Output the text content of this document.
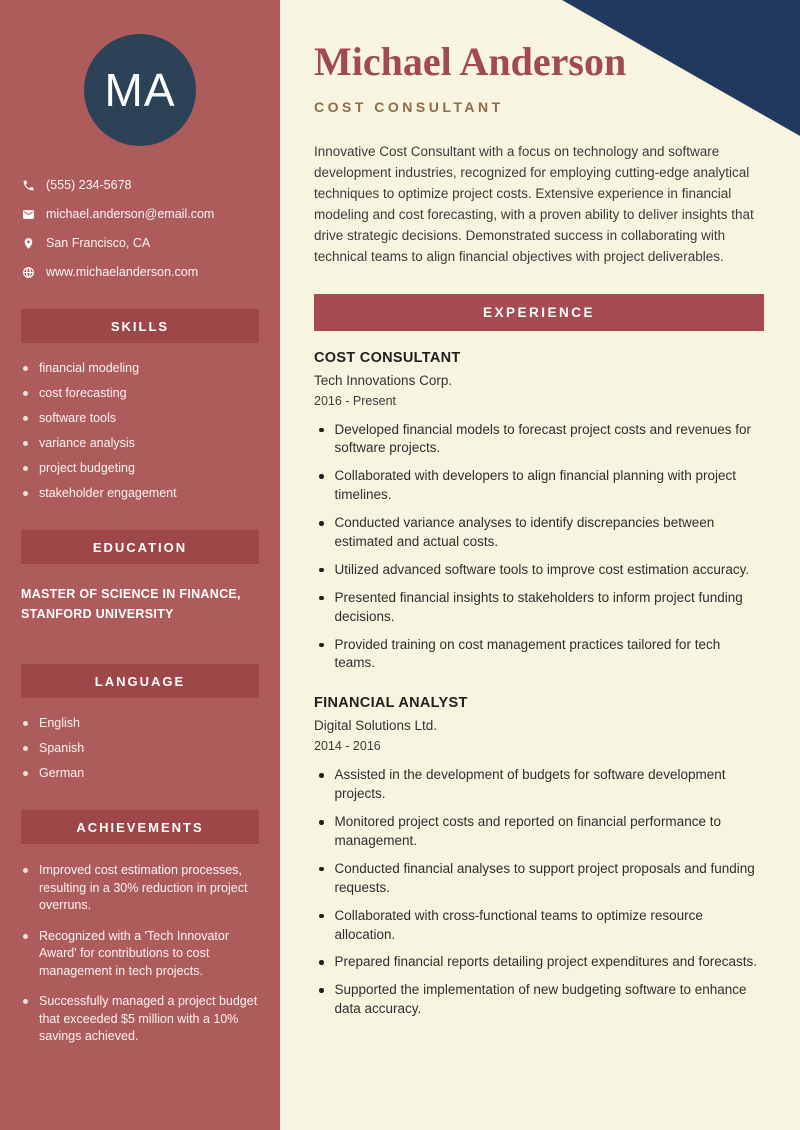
MA
(555) 234-5678
michael.anderson@email.com
San Francisco, CA
www.michaelanderson.com
SKILLS
financial modeling
cost forecasting
software tools
variance analysis
project budgeting
stakeholder engagement
EDUCATION

MASTER OF SCIENCE IN FINANCE, STANFORD UNIVERSITY

LANGUAGE
English
Spanish
German
ACHIEVEMENTS
Improved cost estimation processes, resulting in a 30% reduction in project overruns.
Recognized with a 'Tech Innovator Award' for contributions to cost management in tech projects.
Successfully managed a project budget that exceeded $5 million with a 10% savings achieved.
Michael Anderson
COST CONSULTANT

Innovative Cost Consultant with a focus on technology and software development industries, recognized for employing cutting-edge analytical techniques to optimize project costs. Extensive experience in financial modeling and cost forecasting, with a proven ability to deliver insights that drive strategic decisions. Demonstrated success in collaborating with technical teams to align financial objectives with project deliverables.

EXPERIENCE
COST CONSULTANT
Tech Innovations Corp.
2016 - Present
Developed financial models to forecast project costs and revenues for software projects.
Collaborated with developers to align financial planning with project timelines.
Conducted variance analyses to identify discrepancies between estimated and actual costs.
Utilized advanced software tools to improve cost estimation accuracy.
Presented financial insights to stakeholders to inform project funding decisions.
Provided training on cost management practices tailored for tech teams.
FINANCIAL ANALYST
Digital Solutions Ltd.
2014 - 2016
Assisted in the development of budgets for software development projects.
Monitored project costs and reported on financial performance to management.
Conducted financial analyses to support project proposals and funding requests.
Collaborated with cross-functional teams to optimize resource allocation.
Prepared financial reports detailing project expenditures and forecasts.
Supported the implementation of new budgeting software to enhance data accuracy.
